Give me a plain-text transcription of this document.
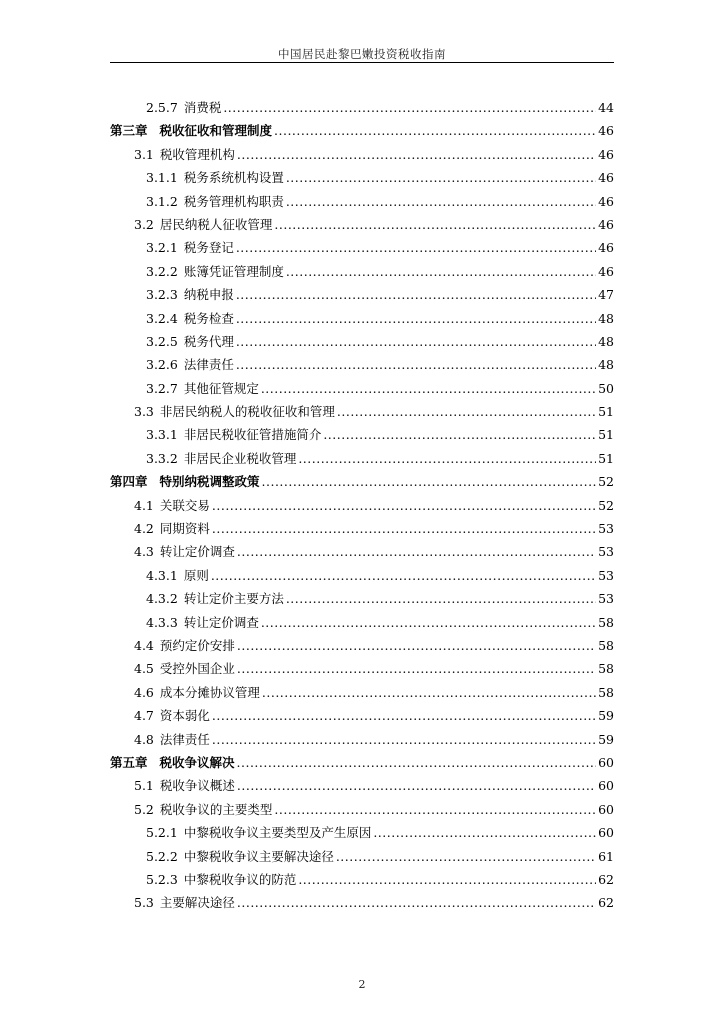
中国居民赴黎巴嫩投资税收指南
2.5.7 消费税 .....	44
第三章 税收征收和管理制度 .....	46
3.1 税收管理机构 .....	46
3.1.1 税务系统机构设置 .....	46
3.1.2 税务管理机构职责 .....	46
3.2 居民纳税人征收管理 .....	46
3.2.1 税务登记 .....	46
3.2.2 账簿凭证管理制度 .....	46
3.2.3 纳税申报 .....	47
3.2.4 税务检查 .....	48
3.2.5 税务代理 .....	48
3.2.6 法律责任 .....	48
3.2.7 其他征管规定 .....	50
3.3 非居民纳税人的税收征收和管理 .....	51
3.3.1 非居民税收征管措施简介 .....	51
3.3.2 非居民企业税收管理 .....	51
第四章 特别纳税调整政策 .....	52
4.1 关联交易 .....	52
4.2 同期资料 .....	53
4.3 转让定价调查 .....	53
4.3.1 原则 .....	53
4.3.2 转让定价主要方法 .....	53
4.3.3 转让定价调查 .....	58
4.4 预约定价安排 .....	58
4.5 受控外国企业 .....	58
4.6 成本分摊协议管理 .....	58
4.7 资本弱化 .....	59
4.8 法律责任 .....	59
第五章 税收争议解决 .....	60
5.1 税收争议概述 .....	60
5.2 税收争议的主要类型 .....	60
5.2.1 中黎税收争议主要类型及产生原因 .....	60
5.2.2 中黎税收争议主要解决途径 .....	61
5.2.3 中黎税收争议的防范 .....	62
5.3 主要解决途径 .....	62
2
